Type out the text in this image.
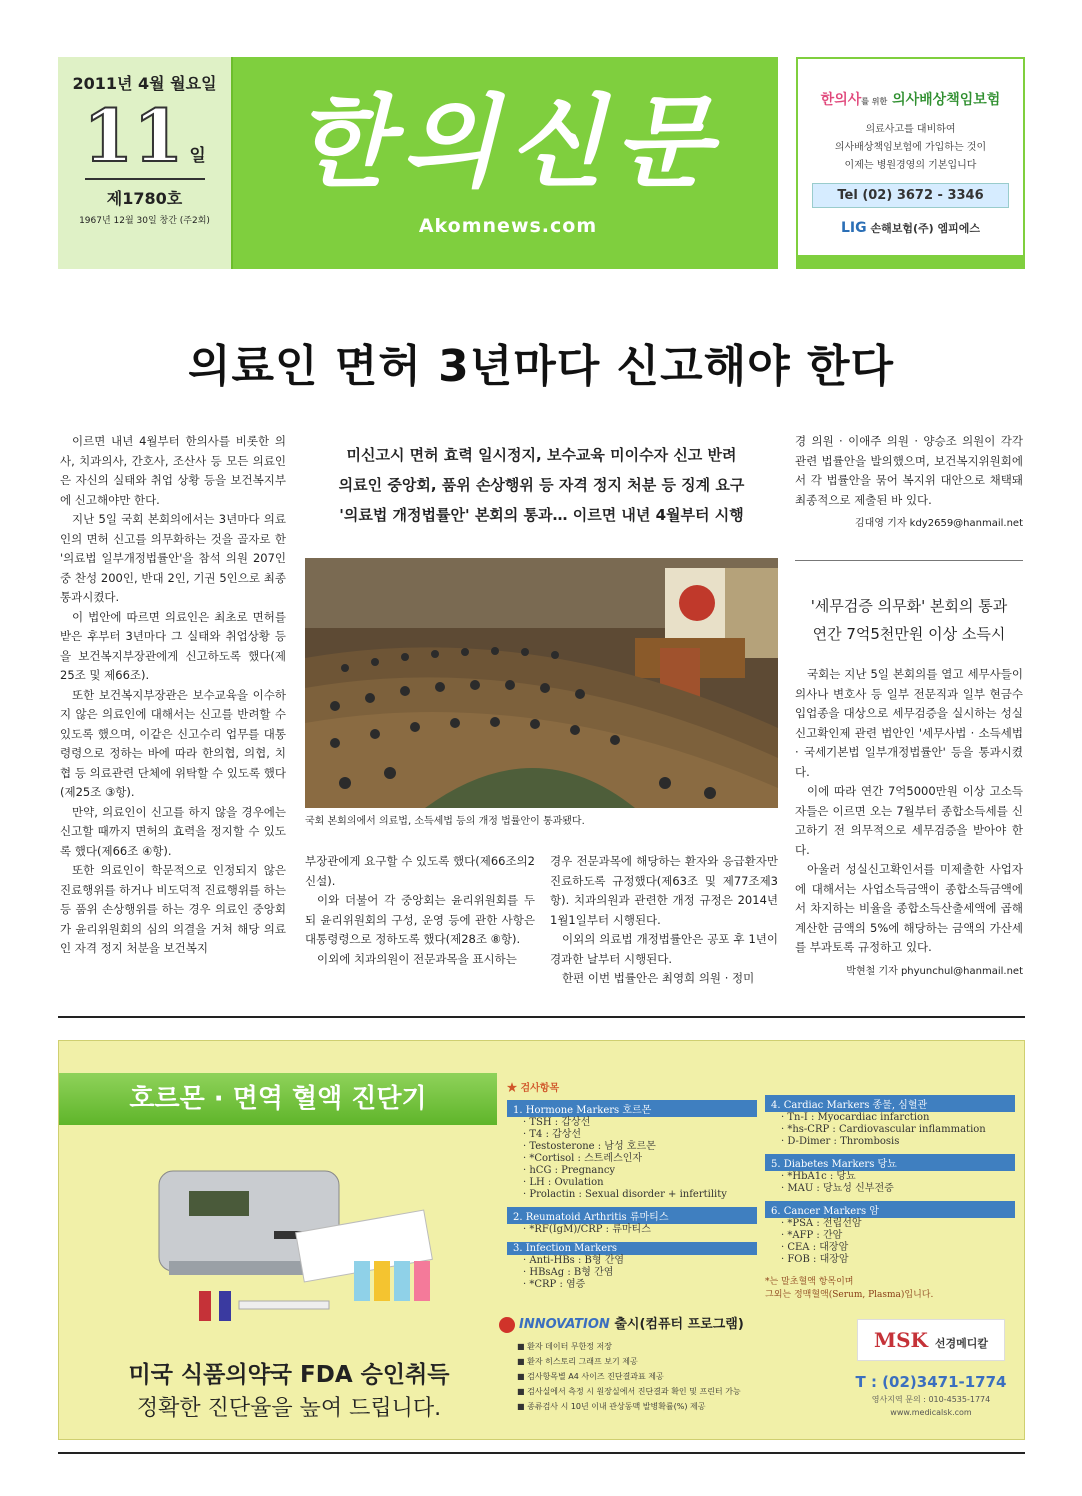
2011년 4월 월요일
11 일
제1780호
1967년 12월 30일 창간 (주2회)
한의신문
Akomnews.com
한의사를 위한 의사배상책임보험
의료사고를 대비하여
의사배상책임보험에 가입하는 것이
이제는 병원경영의 기본입니다
Tel (02) 3672 - 3346
LIG 손해보험(주) 엠피에스
의료인 면허 3년마다 신고해야 한다

이르면 내년 4월부터 한의사를 비롯한 의사, 치과의사, 간호사, 조산사 등 모든 의료인은 자신의 실태와 취업 상황 등을 보건복지부에 신고해야만 한다.

지난 5일 국회 본회의에서는 3년마다 의료인의 면허 신고를 의무화하는 것을 골자로 한 '의료법 일부개정법률안'을 참석 의원 207인 중 찬성 200인, 반대 2인, 기권 5인으로 최종 통과시켰다.

이 법안에 따르면 의료인은 최초로 면허를 받은 후부터 3년마다 그 실태와 취업상황 등을 보건복지부장관에게 신고하도록 했다(제25조 및 제66조).

또한 보건복지부장관은 보수교육을 이수하지 않은 의료인에 대해서는 신고를 반려할 수 있도록 했으며, 이같은 신고수리 업무를 대통령령으로 정하는 바에 따라 한의협, 의협, 치협 등 의료관련 단체에 위탁할 수 있도록 했다(제25조 ③항).

만약, 의료인이 신고를 하지 않을 경우에는 신고할 때까지 면허의 효력을 정지할 수 있도록 했다(제66조 ④항).

또한 의료인이 학문적으로 인정되지 않은 진료행위를 하거나 비도덕적 진료행위를 하는 등 품위 손상행위를 하는 경우 의료인 중앙회가 윤리위원회의 심의 의결을 거쳐 해당 의료인 자격 정지 처분을 보건복지

미신고시 면허 효력 일시정지, 보수교육 미이수자 신고 반려
의료인 중앙회, 품위 손상행위 등 자격 정지 처분 등 징계 요구
'의료법 개정법률안' 본회의 통과… 이르면 내년 4월부터 시행
국회 본회의에서 의료법, 소득세법 등의 개정 법률안이 통과됐다.

부장관에게 요구할 수 있도록 했다(제66조의2 신설).

이와 더불어 각 중앙회는 윤리위원회를 두되 윤리위원회의 구성, 운영 등에 관한 사항은 대통령령으로 정하도록 했다(제28조 ⑧항).

이외에 치과의원이 전문과목을 표시하는

경우 전문과목에 해당하는 환자와 응급환자만 진료하도록 규정했다(제63조 및 제77조제3항). 치과의원과 관련한 개정 규정은 2014년 1월1일부터 시행된다.

이외의 의료법 개정법률안은 공포 후 1년이 경과한 날부터 시행된다.

한편 이번 법률안은 최영희 의원 · 정미

경 의원 · 이애주 의원 · 양승조 의원이 각각 관련 법률안을 발의했으며, 보건복지위원회에서 각 법률안을 묶어 복지위 대안으로 채택돼 최종적으로 제출된 바 있다.

김대영 기자 kdy2659@hanmail.net
'세무검증 의무화' 본회의 통과
연간 7억5천만원 이상 소득시

국회는 지난 5일 본회의를 열고 세무사들이 의사나 변호사 등 일부 전문직과 일부 현금수입업종을 대상으로 세무검증을 실시하는 성실신고확인제 관련 법안인 '세무사법 · 소득세법 · 국세기본법 일부개정법률안' 등을 통과시켰다.

이에 따라 연간 7억5000만원 이상 고소득자들은 이르면 오는 7월부터 종합소득세를 신고하기 전 의무적으로 세무검증을 받아야 한다.

아울러 성실신고확인서를 미제출한 사업자에 대해서는 사업소득금액이 종합소득금액에서 차지하는 비율을 종합소득산출세액에 곱해 계산한 금액의 5%에 해당하는 금액의 가산세를 부과토록 규정하고 있다.

박현철 기자 phyunchul@hanmail.net
호르몬 · 면역 혈액 진단기
미국 식품의약국 FDA 승인취득
정확한 진단율을 높여 드립니다.
★ 검사항목
1. Hormone Markers 호르몬
· TSH : 갑상선
· T4 : 갑상선
· Testosterone : 남성 호르몬
· *Cortisol : 스트레스인자
· hCG : Pregnancy
· LH : Ovulation
· Prolactin : Sexual disorder + infertility
2. Reumatoid Arthritis 류마티스
· *RF(IgM)/CRP : 류마티스
3. Infection Markers
· Anti-HBs : B형 간염
· HBsAg : B형 간염
· *CRP : 염증
4. Cardiac Markers 종물, 심혈관
· Tn-I : Myocardiac infarction
· *hs-CRP : Cardiovascular inflammation
· D-Dimer : Thrombosis
5. Diabetes Markers 당뇨
· *HbA1c : 당뇨
· MAU : 당뇨성 신부전증
6. Cancer Markers 암
· *PSA : 전립선암
· *AFP : 간암
· CEA : 대장암
· FOB : 대장암
*는 말초혈액 항목이며
그외는 정맥혈액(Serum, Plasma)입니다.
INNOVATION 출시(컴퓨터 프로그램)
■ 환자 데이터 무한정 저장
■ 환자 히스토리 그래프 보기 제공
■ 검사항목별 A4 사이즈 진단결과표 제공
■ 검사실에서 측정 시 원장실에서 진단결과 확인 및 프린터 가능
■ 종류검사 시 10년 이내 관상동맥 발병확률(%) 제공
MSK 선경메디칼
T : (02)3471-1774
영사지역 문의 : 010-4535-1774
www.medicalsk.com
